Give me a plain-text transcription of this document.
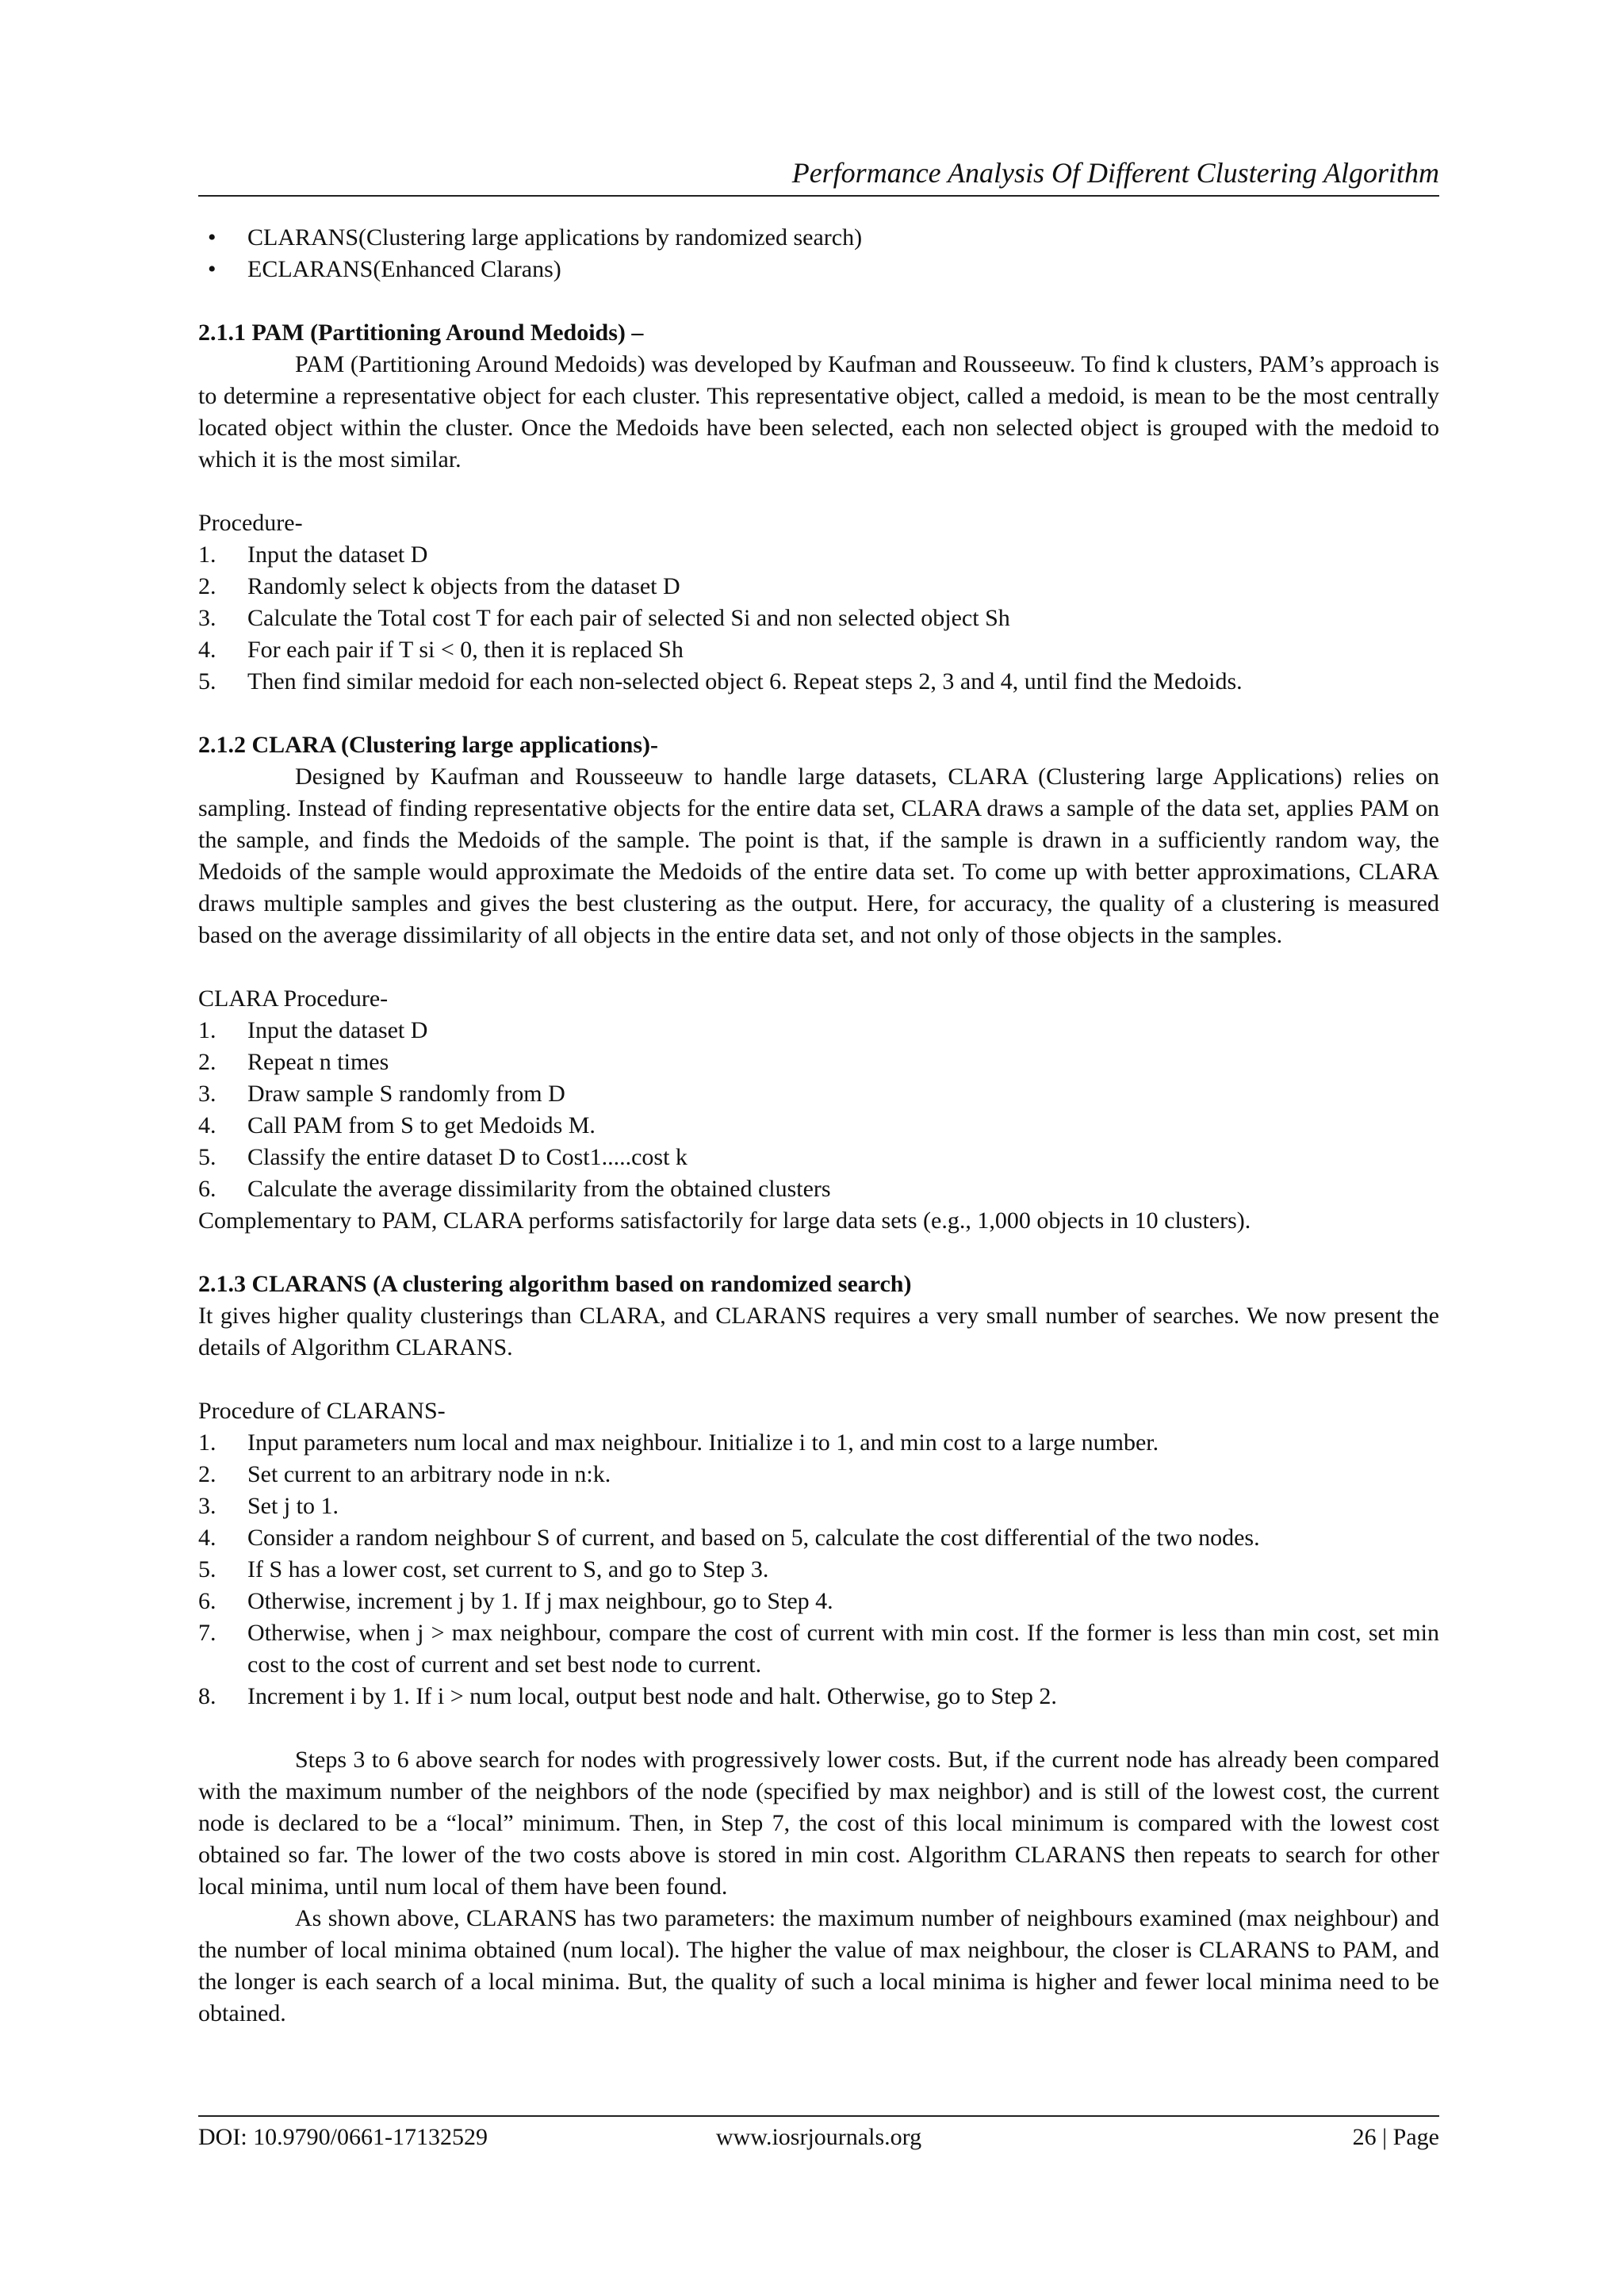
Performance Analysis Of Different Clustering Algorithm
• CLARANS(Clustering large applications by randomized search)
• ECLARANS(Enhanced Clarans)
2.1.1 PAM (Partitioning Around Medoids) –

PAM (Partitioning Around Medoids) was developed by Kaufman and Rousseeuw. To find k clusters, PAM’s approach is to determine a representative object for each cluster. This representative object, called a medoid, is mean to be the most centrally located object within the cluster. Once the Medoids have been selected, each non selected object is grouped with the medoid to which it is the most similar.

Procedure-

1. Input the dataset D
2. Randomly select k objects from the dataset D
3. Calculate the Total cost T for each pair of selected Si and non selected object Sh
4. For each pair if T si < 0, then it is replaced Sh
5. Then find similar medoid for each non-selected object 6. Repeat steps 2, 3 and 4, until find the Medoids.
2.1.2 CLARA (Clustering large applications)-

Designed by Kaufman and Rousseeuw to handle large datasets, CLARA (Clustering large Applications) relies on sampling. Instead of finding representative objects for the entire data set, CLARA draws a sample of the data set, applies PAM on the sample, and finds the Medoids of the sample. The point is that, if the sample is drawn in a sufficiently random way, the Medoids of the sample would approximate the Medoids of the entire data set. To come up with better approximations, CLARA draws multiple samples and gives the best clustering as the output. Here, for accuracy, the quality of a clustering is measured based on the average dissimilarity of all objects in the entire data set, and not only of those objects in the samples.

CLARA Procedure-

1. Input the dataset D
2. Repeat n times
3. Draw sample S randomly from D
4. Call PAM from S to get Medoids M.
5. Classify the entire dataset D to Cost1.....cost k
6. Calculate the average dissimilarity from the obtained clusters

Complementary to PAM, CLARA performs satisfactorily for large data sets (e.g., 1,000 objects in 10 clusters).

2.1.3 CLARANS (A clustering algorithm based on randomized search)

It gives higher quality clusterings than CLARA, and CLARANS requires a very small number of searches. We now present the details of Algorithm CLARANS.

Procedure of CLARANS-

1. Input parameters num local and max neighbour. Initialize i to 1, and min cost to a large number.
2. Set current to an arbitrary node in n:k.
3. Set j to 1.
4. Consider a random neighbour S of current, and based on 5, calculate the cost differential of the two nodes.
5. If S has a lower cost, set current to S, and go to Step 3.
6. Otherwise, increment j by 1. If j max neighbour, go to Step 4.
7. Otherwise, when j > max neighbour, compare the cost of current with min cost. If the former is less than min cost, set min cost to the cost of current and set best node to current.
8. Increment i by 1. If i > num local, output best node and halt. Otherwise, go to Step 2.

Steps 3 to 6 above search for nodes with progressively lower costs. But, if the current node has already been compared with the maximum number of the neighbors of the node (specified by max neighbor) and is still of the lowest cost, the current node is declared to be a “local” minimum. Then, in Step 7, the cost of this local minimum is compared with the lowest cost obtained so far. The lower of the two costs above is stored in min cost. Algorithm CLARANS then repeats to search for other local minima, until num local of them have been found.

As shown above, CLARANS has two parameters: the maximum number of neighbours examined (max neighbour) and the number of local minima obtained (num local). The higher the value of max neighbour, the closer is CLARANS to PAM, and the longer is each search of a local minima. But, the quality of such a local minima is higher and fewer local minima need to be obtained.

DOI: 10.9790/0661-17132529	www.iosrjournals.org	26 | Page
